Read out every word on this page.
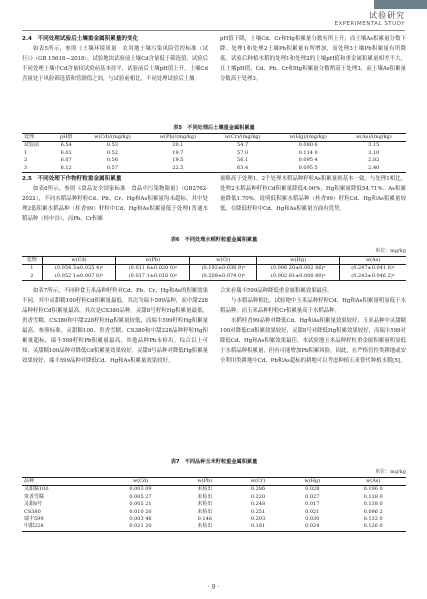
试验研究
EXPERIMENTAL STUDY

2.4　不同处理试验后土壤重金属积累量的变化

如表5所示，参照《土壤环境质量　农用地土壤污染风险管控标准（试行）》（GB 15618—2018），试验地块试验前土壤Cd含量低于筛选值，试验后不同处理土壤中Cd含量较试验前基本持平，试验前后土壤pH值上升，土壤Cd含量处于风险筛选值和管制值之间，与试验前相比，不同处理试验后土壤

pH值下降，土壤Cd、Cr和Hg积累量分数有所上升，而土壤As积累量分数下降。处理1和处理2土壤Pb积累量有所增加，而处理3土壤Pb积累量有所降低。试验后种植水稻的处理1和处理2的土壤pH值和重金属积累量相差不大，且土壤pH值、Cd、Pb、Cr和Hg积累量分数稍高于处理3，而土壤As积累量分数高于处理3。

表5　不同处理后土壤重金属积累量
处理	pH值	w(Cd)/(mg/kg)	w(Pb)/(mg/kg)	w(Cr)/(mg/kg)	w(Hg)/(mg/kg)	w(As)/(mg/kg)
试验前	6.54	0.53	20.1	54.7	0.080 6	3.15
1	6.01	0.52	19.7	57.0	0.114 0	3.10
2	6.07	0.56	19.5	56.1	0.095 4	2.82
3	6.12	0.57	22.5	63.4	0.095 5	2.40

2.5　不同处理下作物籽粒重金属积累量

如表6所示，参照《食品安全国家标准　食品中污染物限量》（GB2762-2022），不同水稻品种籽粒Cd、Pb、Cr、Hg和As积累量均未超标。其中处理2低积累水稻品种（桂香99）籽粒中Cd、Hg和As积累量低于处理1普通水稻品种（桂中谷），而Pb、Cr积累

量略高于处理1，2个处理水稻品种籽粒As积累量则基本一致。与处理1相比，处理2水稻品种籽粒Cd积累量降低4.06%，Hg积累量降低54.71%。As积累量降低1.70%，说明低积累水稻品种（桂香99）籽粒Cd、Hg和As积累量较低，在降低籽粒中Cd、Hg和As积累量方面有优势。

表6　不同处理水稻籽粒重金属积累量
单位：mg/kg
处理	w(Cd)	w(Pb)	w(Cr)	w(Hg)	w(As)
1	(0.054 3±0.025 4)ᵃ	(0.011 6±0.020 0)ᵃ	(0.192±0.038 9)ᵃ	(0.006 20±0.002 86)ᵃ	(0.247±0.041 6)ᵃ
2	(0.052 1±0.007 0)ᵃ	(0.017 1±0.016 0)ᵃ	(0.209±0.074 0)ᵃ	(0.002 81±0.000 80)ᵃ	(0.243±0.046 2)ᵃ

如表7所示，不同鲜食玉米品种籽粒对Cd、Pb、Cr、Hg和As的积累效果不同，其中灵甜糯100籽粒Cd积累量最低，其次为瑞丰599品种，而中甜228品种籽粒Cd积累量最高，其次是CS380品种。灵甜8号籽粒Hg积累量最低，贵香雪糯、CS380和中甜228籽粒Hg积累量较低，而瑞丰599籽粒Hg积累量最高。参照标准，灵甜糯100、贵香雪糯、CS380和中甜228品种籽粒Hg积累量超标，瑞丰599籽粒Pb积累量最高，其他品种Pb未检出。综合以上可知，灵甜糯100品种对降低Cd积累量效果较好，灵甜8号品种对降低Hg积累量效果较好，瑞丰599品种对降低Cd、Hg和As积累量效果较好。

合来看瑞丰599品种降低重金属积累效果最佳。

与水稻品种相比，试验地中玉米品种籽粒Cd、Hg和As积累量明显低于水稻品种，而玉米品种籽粒Cr积累量高于水稻品种。

水稻桂香99品种对降低Cd、Hg和As积累量效果较好，玉米品种中灵甜糯100对降低Cd积累效果较好，灵甜8号对降低Hg积累效果较好，而瑞丰599对降低Cd、Hg和As积累效果最佳。本试验地玉米品种籽粒重金属积累量明显低于水稻品种积累量，但有可能增加Pb积累风险。因此，在严格管控类耕地或安全利用类耕地中Cd、Pb和As超标的耕地可以考虑种植玉米替代种植水稻[5]。

表7　不同品种玉米籽粒重金属积累量
单位：mg/kg
品种	w(Cd)	w(Pb)	w(Cr)	w(Hg)	w(As)
灵甜糯100	0.003 09	未检出	0.286	0.028	0.196 0
贵香雪糯	0.005 27	未检出	0.220	0.027	0.138 0
灵甜8号	0.005 21	未检出	0.248	0.017	0.138 0
CS380	0.010 20	未检出	0.251	0.021	0.096 2
瑞丰599	0.003 46	0.148	0.293	0.030	0.132 0
中甜228	0.021 20	未检出	0.181	0.024	0.126 0
· 9 ·
